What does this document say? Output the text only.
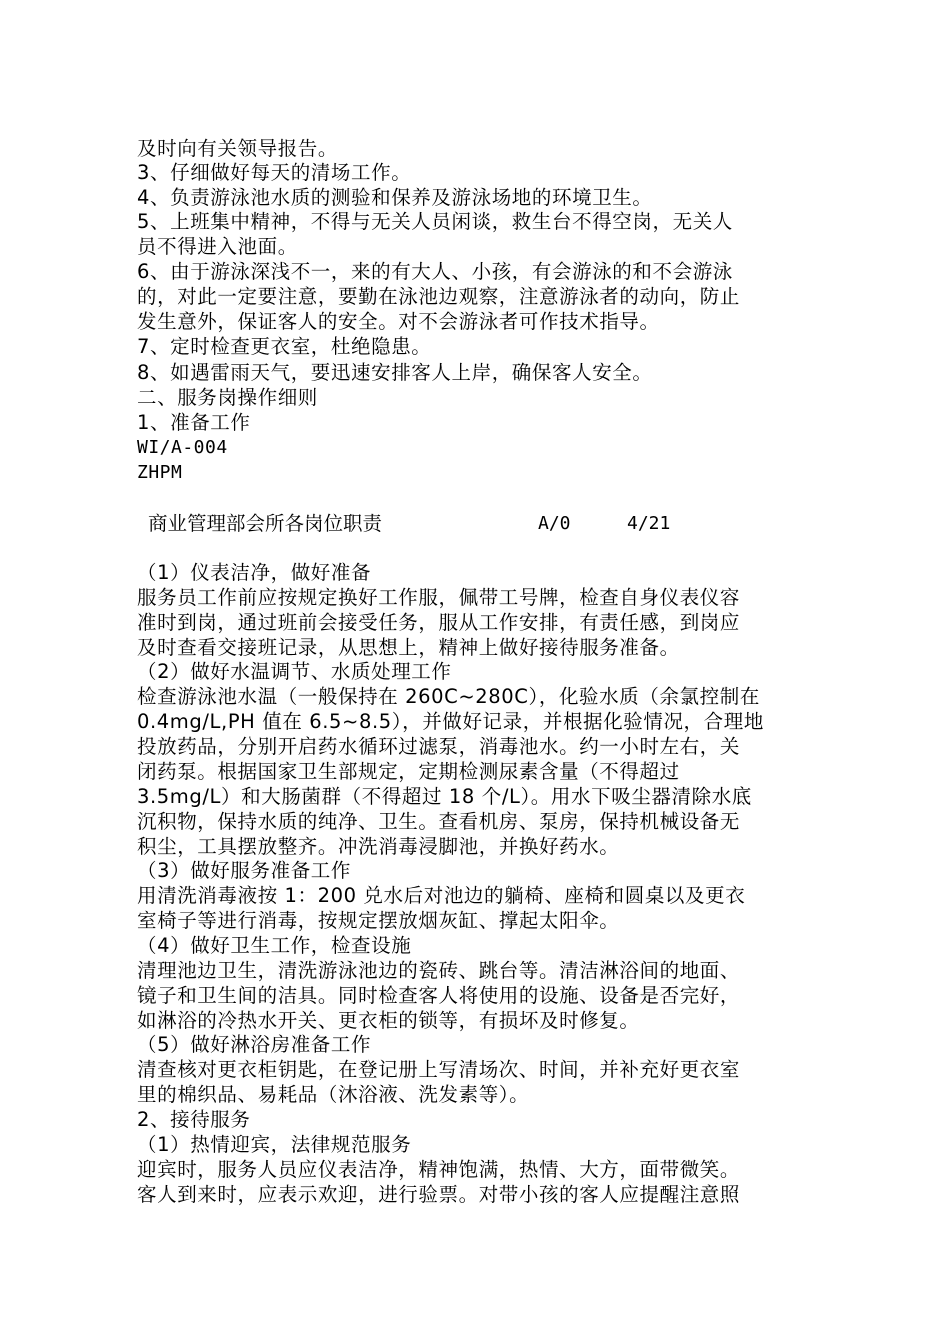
及时向有关领导报告。
3、仔细做好每天的清场工作。
4、负责游泳池水质的测验和保养及游泳场地的环境卫生。
5、上班集中精神，不得与无关人员闲谈，救生台不得空岗，无关人
员不得进入池面。
6、由于游泳深浅不一，来的有大人、小孩，有会游泳的和不会游泳
的，对此一定要注意，要勤在泳池边观察，注意游泳者的动向，防止
发生意外，保证客人的安全。对不会游泳者可作技术指导。
7、定时检查更衣室，杜绝隐患。
8、如遇雷雨天气，要迅速安排客人上岸，确保客人安全。
二、服务岗操作细则
1、准备工作
WI/A-004
ZHPM
商业管理部会所各岗位职责	A/0	4/21
（1）仪表洁净，做好准备
服务员工作前应按规定换好工作服，佩带工号牌，检查自身仪表仪容
准时到岗，通过班前会接受任务，服从工作安排，有责任感，到岗应
及时查看交接班记录，从思想上，精神上做好接待服务准备。
（2）做好水温调节、水质处理工作
检查游泳池水温（一般保持在 260C~280C），化验水质（余氯控制在
0.4mg/L,PH 值在 6.5~8.5），并做好记录，并根据化验情况，合理地
投放药品，分别开启药水循环过滤泵，消毒池水。约一小时左右，关
闭药泵。根据国家卫生部规定，定期检测尿素含量（不得超过
3.5mg/L）和大肠菌群（不得超过 18 个/L）。用水下吸尘器清除水底
沉积物，保持水质的纯净、卫生。查看机房、泵房，保持机械设备无
积尘，工具摆放整齐。冲洗消毒浸脚池，并换好药水。
（3）做好服务准备工作
用清洗消毒液按 1：200 兑水后对池边的躺椅、座椅和圆桌以及更衣
室椅子等进行消毒，按规定摆放烟灰缸、撑起太阳伞。
（4）做好卫生工作，检查设施
清理池边卫生，清洗游泳池边的瓷砖、跳台等。清洁淋浴间的地面、
镜子和卫生间的洁具。同时检查客人将使用的设施、设备是否完好，
如淋浴的冷热水开关、更衣柜的锁等，有损坏及时修复。
（5）做好淋浴房准备工作
清查核对更衣柜钥匙，在登记册上写清场次、时间，并补充好更衣室
里的棉织品、易耗品（沐浴液、洗发素等）。
2、接待服务
（1）热情迎宾，法律规范服务
迎宾时，服务人员应仪表洁净，精神饱满，热情、大方，面带微笑。
客人到来时，应表示欢迎，进行验票。对带小孩的客人应提醒注意照
